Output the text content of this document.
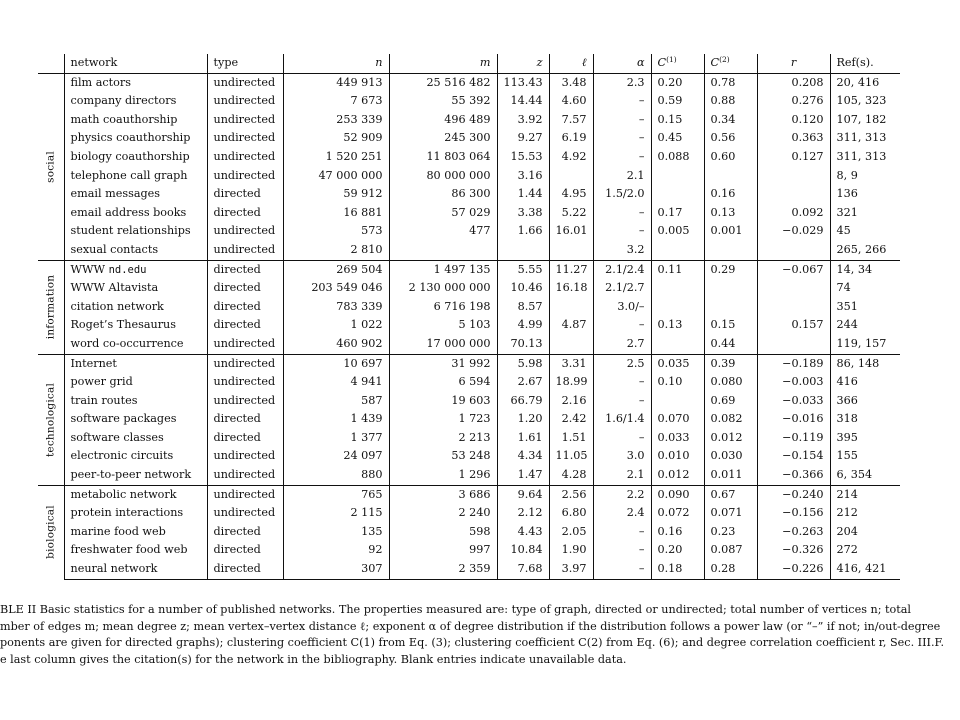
	network	type	n	m	z	ℓ	α	$C^{(1)}$	$C^{(2)}$	r	Ref(s).

social	film actors	undirected	449 913	25 516 482	113.43	3.48	2.3	0.20	0.78	0.208	20, 416
	company directors	undirected	7 673	55 392	14.44	4.60	–	0.59	0.88	0.276	105, 323
	math coauthorship	undirected	253 339	496 489	3.92	7.57	–	0.15	0.34	0.120	107, 182
	physics coauthorship	undirected	52 909	245 300	9.27	6.19	–	0.45	0.56	0.363	311, 313
	biology coauthorship	undirected	1 520 251	11 803 064	15.53	4.92	–	0.088	0.60	0.127	311, 313
	telephone call graph	undirected	47 000 000	80 000 000	3.16		2.1				8, 9
	email messages	directed	59 912	86 300	1.44	4.95	1.5/2.0		0.16		136
	email address books	directed	16 881	57 029	3.38	5.22	–	0.17	0.13	0.092	321
	student relationships	undirected	573	477	1.66	16.01	–	0.005	0.001	−0.029	45
	sexual contacts	undirected	2 810				3.2				265, 266

information	WWW nd.edu	directed	269 504	1 497 135	5.55	11.27	2.1/2.4	0.11	0.29	−0.067	14, 34
	WWW Altavista	directed	203 549 046	2 130 000 000	10.46	16.18	2.1/2.7				74
	citation network	directed	783 339	6 716 198	8.57		3.0/–				351
	Roget’s Thesaurus	directed	1 022	5 103	4.99	4.87	–	0.13	0.15	0.157	244
	word co-occurrence	undirected	460 902	17 000 000	70.13		2.7		0.44		119, 157

technological	Internet	undirected	10 697	31 992	5.98	3.31	2.5	0.035	0.39	−0.189	86, 148
	power grid	undirected	4 941	6 594	2.67	18.99	–	0.10	0.080	−0.003	416
	train routes	undirected	587	19 603	66.79	2.16	–		0.69	−0.033	366
	software packages	directed	1 439	1 723	1.20	2.42	1.6/1.4	0.070	0.082	−0.016	318
	software classes	directed	1 377	2 213	1.61	1.51	–	0.033	0.012	−0.119	395
	electronic circuits	undirected	24 097	53 248	4.34	11.05	3.0	0.010	0.030	−0.154	155
	peer-to-peer network	undirected	880	1 296	1.47	4.28	2.1	0.012	0.011	−0.366	6, 354

biological	metabolic network	undirected	765	3 686	9.64	2.56	2.2	0.090	0.67	−0.240	214
	protein interactions	undirected	2 115	2 240	2.12	6.80	2.4	0.072	0.071	−0.156	212
	marine food web	directed	135	598	4.43	2.05	–	0.16	0.23	−0.263	204
	freshwater food web	directed	92	997	10.84	1.90	–	0.20	0.087	−0.326	272
	neural network	directed	307	2 359	7.68	3.97	–	0.18	0.28	−0.226	416, 421
BLE II Basic statistics for a number of published networks. The properties measured are: type of graph, directed or undirected; total number of vertices n; total
mber of edges m; mean degree z; mean vertex–vertex distance ℓ; exponent α of degree distribution if the distribution follows a power law (or “–” if not; in/out-degree
ponents are given for directed graphs); clustering coefficient C(1) from Eq. (3); clustering coefficient C(2) from Eq. (6); and degree correlation coefficient r, Sec. III.F.
e last column gives the citation(s) for the network in the bibliography. Blank entries indicate unavailable data.
